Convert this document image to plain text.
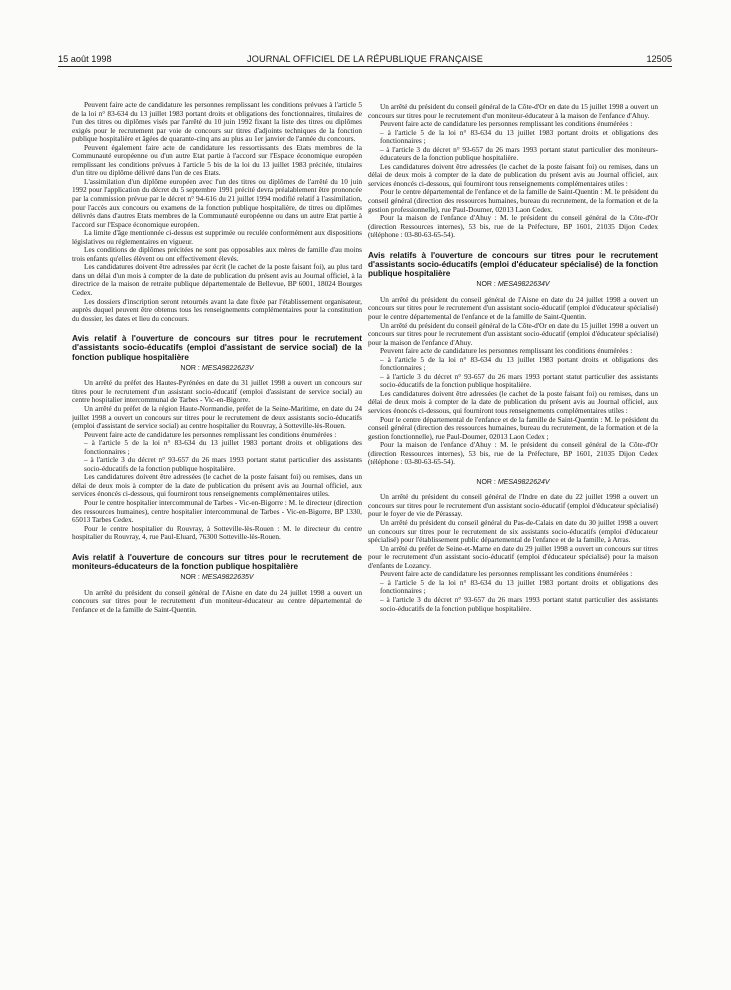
15 août 1998	JOURNAL OFFICIEL DE LA RÉPUBLIQUE FRANÇAISE	12505

Peuvent faire acte de candidature les personnes remplissant les conditions prévues à l'article 5 de la loi n° 83-634 du 13 juillet 1983 portant droits et obligations des fonctionnaires, titulaires de l'un des titres ou diplômes visés par l'arrêté du 10 juin 1992 fixant la liste des titres ou diplômes exigés pour le recrutement par voie de concours sur titres d'adjoints techniques de la fonction publique hospitalière et âgées de quarante-cinq ans au plus au 1er janvier de l'année du concours.

Peuvent également faire acte de candidature les ressortissants des Etats membres de la Communauté européenne ou d'un autre Etat partie à l'accord sur l'Espace économique européen remplissant les conditions prévues à l'article 5 bis de la loi du 13 juillet 1983 précitée, titulaires d'un titre ou diplôme délivré dans l'un de ces Etats.

L'assimilation d'un diplôme européen avec l'un des titres ou diplômes de l'arrêté du 10 juin 1992 pour l'application du décret du 5 septembre 1991 précité devra préalablement être prononcée par la commission prévue par le décret n° 94-616 du 21 juillet 1994 modifié relatif à l'assimilation, pour l'accès aux concours ou examens de la fonction publique hospitalière, de titres ou diplômes délivrés dans d'autres Etats membres de la Communauté européenne ou dans un autre Etat partie à l'accord sur l'Espace économique européen.

La limite d'âge mentionnée ci-dessus est supprimée ou reculée conformément aux dispositions législatives ou réglementaires en vigueur.

Les conditions de diplômes précitées ne sont pas opposables aux mères de famille d'au moins trois enfants qu'elles élèvent ou ont effectivement élevés.

Les candidatures doivent être adressées par écrit (le cachet de la poste faisant foi), au plus tard dans un délai d'un mois à compter de la date de publication du présent avis au Journal officiel, à la directrice de la maison de retraite publique départementale de Bellevue, BP 6001, 18024 Bourges Cedex.

Les dossiers d'inscription seront retournés avant la date fixée par l'établissement organisateur, auprès duquel peuvent être obtenus tous les renseignements complémentaires pour la constitution du dossier, les dates et lieu du concours.

Avis relatif à l'ouverture de concours sur titres pour le recrutement d'assistants socio-éducatifs (emploi d'assistant de service social) de la fonction publique hospitalière
NOR : MESA9822623V

Un arrêté du préfet des Hautes-Pyrénées en date du 31 juillet 1998 a ouvert un concours sur titres pour le recrutement d'un assistant socio-éducatif (emploi d'assistant de service social) au centre hospitalier intercommunal de Tarbes - Vic-en-Bigorre.

Un arrêté du préfet de la région Haute-Normandie, préfet de la Seine-Maritime, en date du 24 juillet 1998 a ouvert un concours sur titres pour le recrutement de deux assistants socio-éducatifs (emploi d'assistant de service social) au centre hospitalier du Rouvray, à Sotteville-lès-Rouen.

Peuvent faire acte de candidature les personnes remplissant les conditions énumérées :

– à l'article 5 de la loi n° 83-634 du 13 juillet 1983 portant droits et obligations des fonctionnaires ;

– à l'article 3 du décret n° 93-657 du 26 mars 1993 portant statut particulier des assistants socio-éducatifs de la fonction publique hospitalière.

Les candidatures doivent être adressées (le cachet de la poste faisant foi) ou remises, dans un délai de deux mois à compter de la date de publication du présent avis au Journal officiel, aux services énoncés ci-dessous, qui fourniront tous renseignements complémentaires utiles.

Pour le centre hospitalier intercommunal de Tarbes - Vic-en-Bigorre : M. le directeur (direction des ressources humaines), centre hospitalier intercommunal de Tarbes - Vic-en-Bigorre, BP 1330, 65013 Tarbes Cedex.

Pour le centre hospitalier du Rouvray, à Sotteville-lès-Rouen : M. le directeur du centre hospitalier du Rouvray, 4, rue Paul-Eluard, 76300 Sotteville-lès-Rouen.

Avis relatif à l'ouverture de concours sur titres pour le recrutement de moniteurs-éducateurs de la fonction publique hospitalière
NOR : MESA9822635V

Un arrêté du président du conseil général de l'Aisne en date du 24 juillet 1998 a ouvert un concours sur titres pour le recrutement d'un moniteur-éducateur au centre départemental de l'enfance et de la famille de Saint-Quentin.

Un arrêté du président du conseil général de la Côte-d'Or en date du 15 juillet 1998 a ouvert un concours sur titres pour le recrutement d'un moniteur-éducateur à la maison de l'enfance d'Ahuy.

Peuvent faire acte de candidature les personnes remplissant les conditions énumérées :

– à l'article 5 de la loi n° 83-634 du 13 juillet 1983 portant droits et obligations des fonctionnaires ;

– à l'article 3 du décret n° 93-657 du 26 mars 1993 portant statut particulier des moniteurs-éducateurs de la fonction publique hospitalière.

Les candidatures doivent être adressées (le cachet de la poste faisant foi) ou remises, dans un délai de deux mois à compter de la date de publication du présent avis au Journal officiel, aux services énoncés ci-dessous, qui fourniront tous renseignements complémentaires utiles :

Pour le centre départemental de l'enfance et de la famille de Saint-Quentin : M. le président du conseil général (direction des ressources humaines, bureau du recrutement, de la formation et de la gestion professionnelle), rue Paul-Doumer, 02013 Laon Cedex.

Pour la maison de l'enfance d'Ahuy : M. le président du conseil général de la Côte-d'Or (direction Ressources internes), 53 bis, rue de la Préfecture, BP 1601, 21035 Dijon Cedex (téléphone : 03-80-63-65-54).

Avis relatifs à l'ouverture de concours sur titres pour le recrutement d'assistants socio-éducatifs (emploi d'éducateur spécialisé) de la fonction publique hospitalière
NOR : MESA9822634V

Un arrêté du président du conseil général de l'Aisne en date du 24 juillet 1998 a ouvert un concours sur titres pour le recrutement d'un assistant socio-éducatif (emploi d'éducateur spécialisé) pour le centre départemental de l'enfance et de la famille de Saint-Quentin.

Un arrêté du président du conseil général de la Côte-d'Or en date du 15 juillet 1998 a ouvert un concours sur titres pour le recrutement d'un assistant socio-éducatif (emploi d'éducateur spécialisé) pour la maison de l'enfance d'Ahuy.

Peuvent faire acte de candidature les personnes remplissant les conditions énumérées :

– à l'article 5 de la loi n° 83-634 du 13 juillet 1983 portant droits et obligations des fonctionnaires ;

– à l'article 3 du décret n° 93-657 du 26 mars 1993 portant statut particulier des assistants socio-éducatifs de la fonction publique hospitalière.

Les candidatures doivent être adressées (le cachet de la poste faisant foi) ou remises, dans un délai de deux mois à compter de la date de publication du présent avis au Journal officiel, aux services énoncés ci-dessous, qui fourniront tous renseignements complémentaires utiles :

Pour le centre départemental de l'enfance et de la famille de Saint-Quentin : M. le président du conseil général (direction des ressources humaines, bureau du recrutement, de la formation et de la gestion fonctionnelle), rue Paul-Doumer, 02013 Laon Cedex ;

Pour la maison de l'enfance d'Ahuy : M. le président du conseil général de la Côte-d'Or (direction Ressources internes), 53 bis, rue de la Préfecture, BP 1601, 21035 Dijon Cedex (téléphone : 03-80-63-65-54).

NOR : MESA9822624V

Un arrêté du président du conseil général de l'Indre en date du 22 juillet 1998 a ouvert un concours sur titres pour le recrutement d'un assistant socio-éducatif (emploi d'éducateur spécialisé) pour le foyer de vie de Pérassay.

Un arrêté du président du conseil général du Pas-de-Calais en date du 30 juillet 1998 a ouvert un concours sur titres pour le recrutement de six assistants socio-éducatifs (emploi d'éducateur spécialisé) pour l'établissement public départemental de l'enfance et de la famille, à Arras.

Un arrêté du préfet de Seine-et-Marne en date du 29 juillet 1998 a ouvert un concours sur titres pour le recrutement d'un assistant socio-éducatif (emploi d'éducateur spécialisé) pour la maison d'enfants de Lozancy.

Peuvent faire acte de candidature les personnes remplissant les conditions énumérées :

– à l'article 5 de la loi n° 83-634 du 13 juillet 1983 portant droits et obligations des fonctionnaires ;

– à l'article 3 du décret n° 93-657 du 26 mars 1993 portant statut particulier des assistants socio-éducatifs de la fonction publique hospitalière.
